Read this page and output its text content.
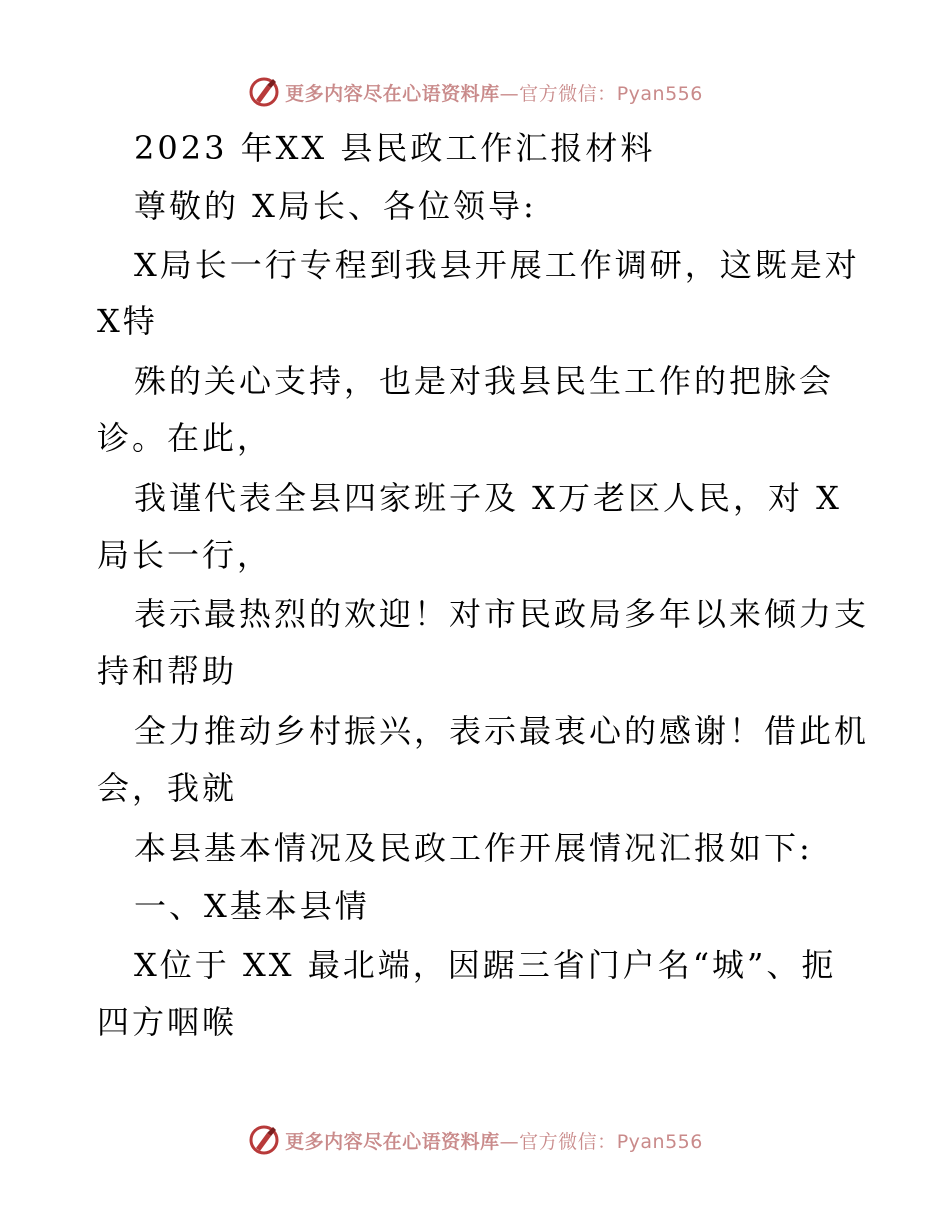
更多内容尽在心语资料库—官方微信：Pyan556
2023 年XX 县民政工作汇报材料
尊敬的 X局长、各位领导:
X局长一行专程到我县开展工作调研，这既是对
X特
殊的关心支持，也是对我县民生工作的把脉会
诊。在此，
我谨代表全县四家班子及 X万老区人民，对 X
局长一行，
表示最热烈的欢迎！对市民政局多年以来倾力支
持和帮助
全力推动乡村振兴，表示最衷心的感谢！借此机
会，我就
本县基本情况及民政工作开展情况汇报如下:
一、X基本县情
X位于 XX 最北端，因踞三省门户名“城”、扼
四方咽喉
更多内容尽在心语资料库—官方微信：Pyan556
